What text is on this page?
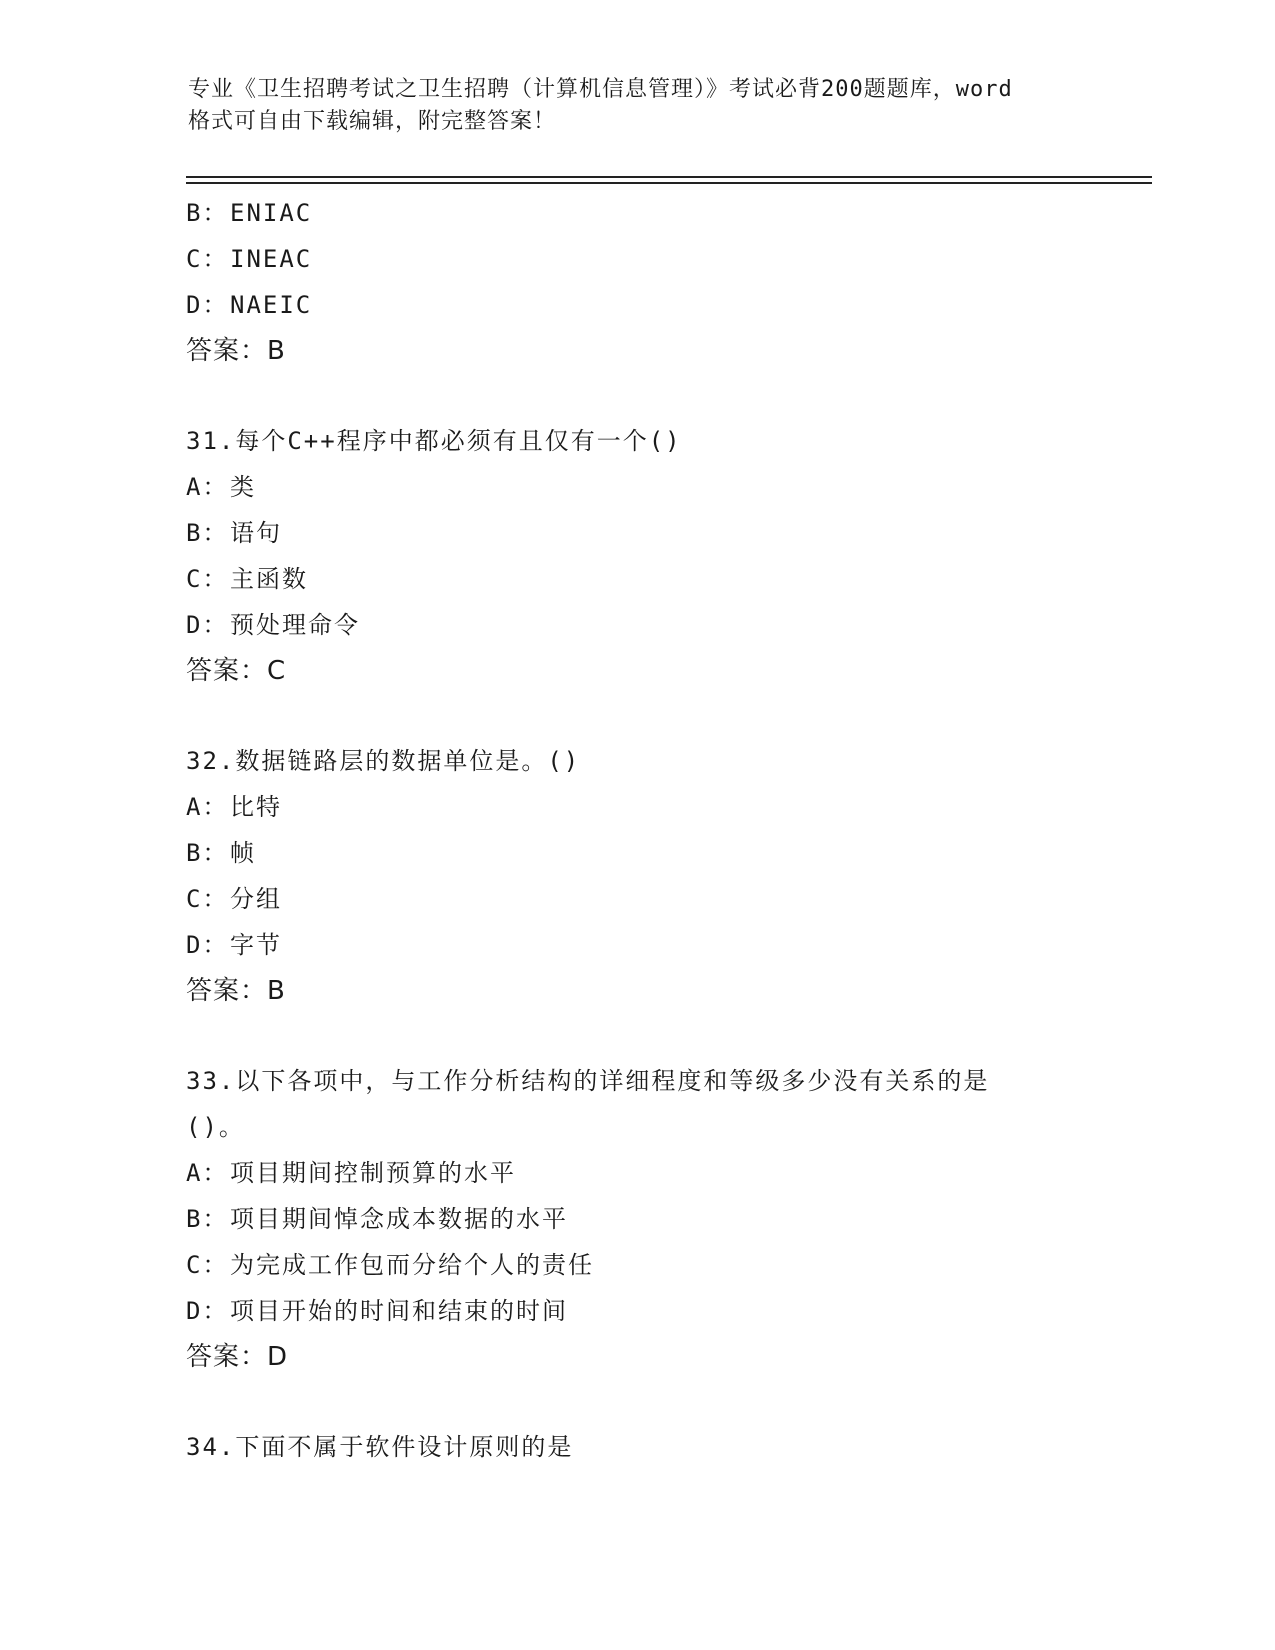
专业《卫生招聘考试之卫生招聘（计算机信息管理）》考试必背200题题库，word
格式可自由下载编辑，附完整答案！
B：ENIAC
C：INEAC
D：NAEIC
答案：B
31.每个C++程序中都必须有且仅有一个()
A：类
B：语句
C：主函数
D：预处理命令
答案：C
32.数据链路层的数据单位是。()
A：比特
B：帧
C：分组
D：字节
答案：B
33.以下各项中，与工作分析结构的详细程度和等级多少没有关系的是
()。
A：项目期间控制预算的水平
B：项目期间悼念成本数据的水平
C：为完成工作包而分给个人的责任
D：项目开始的时间和结束的时间
答案：D
34.下面不属于软件设计原则的是
